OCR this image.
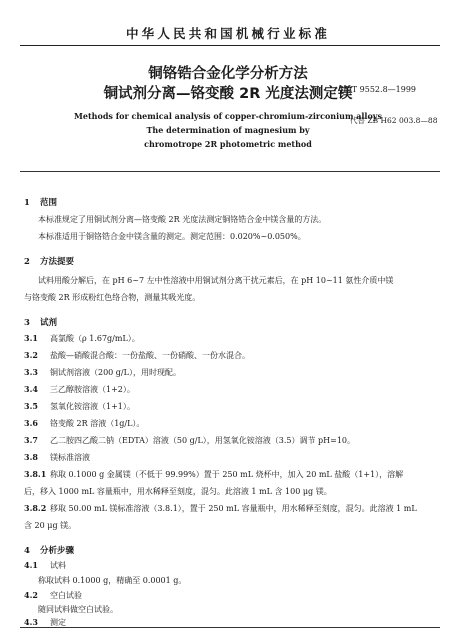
中华人民共和国机械行业标准
铜铬锆合金化学分析方法
铜试剂分离—铬变酸 2R 光度法测定镁
JB/T 9552.8—1999
Methods for chemical analysis of copper-chromium-zirconium alloys
The determination of magnesium by
chromotrope 2R photometric method
代替 ZB H62 003.8—88
1 范围
本标准规定了用铜试剂分离—铬变酸 2R 光度法测定铜铬锆合金中镁含量的方法。
本标准适用于铜铬锆合金中镁含量的测定。测定范围：0.020%~0.050%。
2 方法提要
试料用酸分解后，在 pH 6~7 左中性溶液中用铜试剂分离干扰元素后，在 pH 10~11 氨性介质中镁
与铬变酸 2R 形成粉红色络合物，测量其吸光度。
3 试剂
3.1 高氯酸（ρ 1.67g/mL）。
3.2 盐酸—硝酸混合酸：一份盐酸、一份硝酸、一份水混合。
3.3 铜试剂溶液（200 g/L），用时现配。
3.4 三乙醇胺溶液（1+2）。
3.5 氢氧化铵溶液（1+1）。
3.6 铬变酸 2R 溶液（1g/L）。
3.7 乙二胺四乙酸二钠（EDTA）溶液（50 g/L），用氢氧化铵溶液（3.5）调节 pH=10。
3.8 镁标准溶液
3.8.1 称取 0.1000 g 金属镁（不低于 99.99%）置于 250 mL 烧杯中，加入 20 mL 盐酸（1+1），溶解
后，移入 1000 mL 容量瓶中，用水稀释至刻度，混匀。此溶液 1 mL 含 100 μg 镁。
3.8.2 移取 50.00 mL 镁标准溶液（3.8.1），置于 250 mL 容量瓶中，用水稀释至刻度，混匀。此溶液 1 mL
含 20 μg 镁。
4 分析步骤
4.1 试料
称取试料 0.1000 g，精确至 0.0001 g。
4.2 空白试验
随同试料做空白试验。
4.3 测定
